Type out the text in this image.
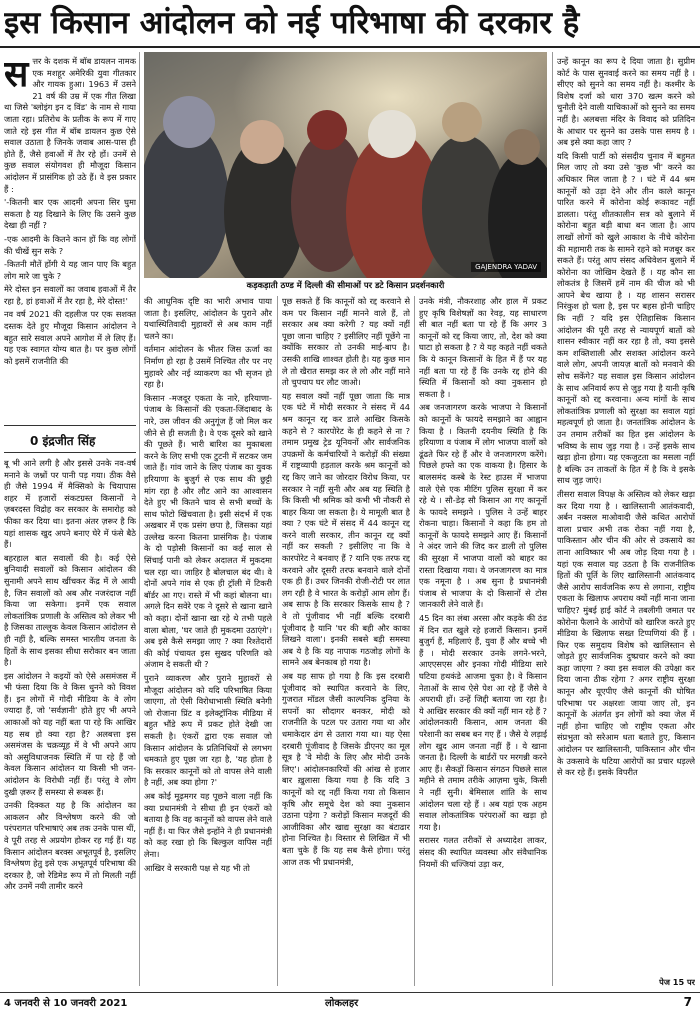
इस किसान आंदोलन को नई परिभाषा की दरकार है

सत्तर के दशक में बॉब डायलन नामक एक मशहूर अमेरिकी युवा गीतकार और गायक हुआ। 1963 में उसने 21 वर्ष की उम्र में एक गीत लिखा था जिसे 'ब्लोइंग इन द विंड' के नाम से गाया जाता रहा। प्रतिरोध के प्रतीक के रूप में गाए जाते रहे इस गीत में बॉब डायलन कुछ ऐसे सवाल उठाता है जिनके जवाब आस-पास ही होते हैं, जैसे हवाओं में तैर रहे हों। उनमें से कुछ सवाल संयोगवश ही मौजूदा किसान आंदोलन में प्रासंगिक हो उठे हैं। वे इस प्रकार हैं :

'-कितनी बार एक आदमी अपना सिर घुमा सकता है यह दिखाने के लिए कि उसने कुछ देखा ही नहीं ?

-एक आदमी के कितने कान हों कि वह लोगों की चीखें सुन सके ?

-कितनी मौतें होंगी ये यह जान पाए कि बहुत लोग मारे जा चुके ?

मेरे दोस्त इन सवालों का जवाब हवाओं में तैर रहा है, हां हवाओं में तैर रहा है, मेरे दोस्त!'

नव वर्ष 2021 की दहलीज पर एक सशक्त दस्तक देते हुए मौजूदा किसान आंदोलन ने बहुत सारे सवाल अपने आगोश में ले लिए हैं। यह एक स्वागत योग्य बात है। पर कुछ लोगों को इसमें राजनीति की

0 इंद्रजीत सिंह

बू भी आने लगी है और इससे उनके नव-वर्ष मनाने के जश्नों पर पानी पड़ गया। ठीक वैसे ही जैसे 1994 में मैक्सिको के चियापास शहर में हजारों संकटग्रस्त किसानों ने ज़बरदस्त विद्रोह कर सरकार के समारोह को फीका कर दिया था। इतना अंतर ज़रूर है कि यहां शासक खुद अपने बनाए घेरे में फंसे बैठे हैं।

बहरहाल बात सवालों की है। कई ऐसे बुनियादी सवालों को किसान आंदोलन की सुनामी अपने साथ खींचकर केंद्र में ले आयी है, जिन सवालों को अब और नजरंदाज नहीं किया जा सकेगा। इनमें एक सवाल लोकतांत्रिक प्रणाली के अस्तित्व को लेकर भी है जिसका ताल्लुक केवल किसान आंदोलन से ही नहीं है, बल्कि समस्त भारतीय जनता के हितों के साथ इसका सीधा सरोकार बन जाता है।

इस आंदोलन ने कइयों को ऐसे असमंजस में भी फंसा दिया कि वे किस धुनने को विवश हैं। इन लोगों में गोदी मीडिया के वे लोग ज्यादा हैं, जो 'सर्वज्ञानी' होते हुए भी अपने आकाओं को यह नहीं बता पा रहे कि आखिर यह सब हो क्या रहा है? अलबत्ता इस असमंजस के चक्रव्यूह में वे भी अपने आप को असुविधाजनक स्थिति में पा रहे हैं जो केवल किसान आंदोलन या किसी भी जन-आंदोलन के विरोधी नहीं हैं। परंतु वे लोग दुखी ज़रूर हैं समस्या से रूबरू हैं।

उनकी दिक्कत यह है कि आंदोलन का आकलन और विश्लेषण करने की जो परंपरागत परिभाषाएं अब तक उनके पास थीं, वे पूरी तरह से अप्रयोग होकर रह गई हैं। यह किसान आंदोलन बरक्स अभूतपूर्व है, इसलिए विश्लेषण हेतु इसे एक अभूतपूर्व परिभाषा की दरकार है, जो रेडिमेड रूप में तो मिलती नहीं और उनमें नयी तामीर करने

GAJENDRA YADAV
कड़कड़ाती ठण्ड में दिल्ली की सीमाओं पर डटे किसान प्रदर्शनकारी

की आधुनिक दृष्टि का भारी अभाव पाया जाता है। इसलिए, आंदोलन के पुराने और यथास्थितिवादी मुहावरों से अब काम नहीं चलने का।

वर्तमान आंदोलन के भीतर जिस ऊर्जा का निर्माण हो रहा है उसमें निश्चित तौर पर नए मुहावरे और नई व्याकरण का भी सृजन हो रहा है।

किसान -मजदूर एकता के नारे, हरियाणा-पंजाब के किसानों की एकता-जिंदाबाद के नारे, उस जीवन की अनुगूंज हैं जो मिल कर जीने से ही सजती है। वे एक दूसरे को खाने की पूछते हैं। भारी बारिश का मुकाबला करने के लिए सभी एक टुटनी में सटकर जम जाते हैं। गांव जाने के लिए पंजाब का युवक हरियाणा के बुजुर्ग से एक साथ की छुट्टी मांग रहा है और लौट आने का आश्वासन देते हुए भी कितने चाव से सभी बच्चों के साथ फोटो खिंचवाता है। इसी संदर्भ में एक अखबार में एक प्रसंग छपा है, जिसका यहां उल्लेख करना कितना प्रासंगिक है। पंजाब के दो पड़ोसी किसानों का कई साल से सिंचाई पानी को लेकर अदालत में मुकदमा चल रहा था। जाहिर है बोलचाल बंद थी। वे दोनों अपने गांव से एक ही ट्रॉली में टिकरी बॉर्डर आ गए। रास्ते में भी कहां बोलना था। अगले दिन सवेरे एक ने दूसरे से खाना खाने को कहा। दोनों खाना खा रहे थे तभी पहले वाला बोला, 'घर जाते ही मुकदमा उठाएंगे'। अब इसे कैसे समझा जाए ? क्या रिश्तेदारों की कोई पंचायत इस सुखद परिणति को अंजाम दे सकती थी ?

पुराने व्याकरण और पुराने मुहावरों से मौजूदा आंदोलन को यदि परिभाषित किया जाएगा, तो ऐसी विरोधाभासी स्थिति बनेगी जो रोजाना प्रिंट व इलेक्ट्रॉनिक मीडिया में बहुत भौंडे रूप में प्रकट होते देखी जा सकती है। एंकरों द्वारा एक सवाल जो किसान आंदोलन के प्रतिनिधियों से लगभग धमकाते हुए पूछा जा रहा है, 'यह होता है कि सरकार कानूनों को तो वापस लेने वाली है नहीं, अब क्या होगा ?'

अब कोई मूढ़मगर यह पूछने वाला नहीं कि क्या प्रधानमंत्री ने सीधा ही इन एंकरों को बताया है कि वह कानूनों को वापस लेने वाले नहीं हैं। या फिर जैसे इन्होंने ने ही प्रधानमंत्री को कह रखा हो कि बिल्कुल वापिस नहीं लेना।

आखिर वे सरकारी पक्ष से यह भी तो

पूछ सकते हैं कि कानूनों को रद्द करवाने से कम पर किसान नहीं मानने वाले हैं, तो सरकार अब क्या करेगी ? यह क्यों नहीं पूछा जाना चाहिए ? इसीलिए नहीं पूछेंगे ना क्योंकि सरकार तो उनकी माई-बाप है। उसकी शाखि शाश्वत होती है। यह कुछ मान ले तो खैरात समझ कर ले लो और नहीं माने तो चुपचाप घर लौट जाओ।

यह सवाल क्यों नहीं पूछा जाता कि मात्र एक घंटे में मोदी सरकार ने संसद में 44 श्रम कानून रद्द कर डाले आखिर किसके कहने से ? कारपोरेट के ही कहने से ना ? तमाम प्रमुख ट्रेड यूनियनों और सार्वजनिक उपक्रमों के कर्मचारियों ने करोड़ों की संख्या में राष्ट्रव्यापी हड़ताल करके श्रम कानूनों को रद्द किए जाने का जोरदार विरोध किया, पर सरकार ने नहीं सुनी और अब यह स्थिति है कि किसी भी श्रमिक को कभी भी नौकरी से बाहर किया जा सकता है। ये मामूली बात है क्या ? एक घंटे में संसद में 44 कानून रद्द करने वाली सरकार, तीन कानून रद्द क्यों नहीं कर सकती ? इसीलिए ना कि वे कारपोरेट ने बनवाए हैं ? यानि एक तरफ रद्द करवाने और दूसरी तरफ बनवाने वाले दोनों एक ही हैं। उधर जिनकी रोजी-रोटी पर लात लग रही है वे भारत के करोड़ों आम लोग हैं। अब साफ है कि सरकार किसके साथ है ? वे तो पूंजीवाद भी नहीं बल्कि दरबारी पूंजीवाद है यानि 'घर की बही और काका लिखने वाला'। इनकी सबसे बड़ी समस्या अब ये है कि यह नापाक गठजोड़ लोगों के सामने अब बेनकाब हो गया है।

अब यह साफ हो गया है कि इस दरबारी पूंजीवाद को स्थापित करवाने के लिए, गुजरात मॉडल जैसी काल्पनिक दुनिया के सपनों का सौदागर बनकर, मोदी को राजनीति के पटल पर उतारा गया था और धमाकेदार ढंग से उतारा गया था। यह ऐसा दरबारी पूंजीवाद है जिसके डीएनए का मूल सूत्र है 'वे मोदी के लिए और मोदी उनके लिए'। आंदोलनकारियों की आंख से हजार बार ख़ुलासा किया गया है कि यदि 3 कानूनों को रद्द नहीं किया गया तो किसान कृषि और समूचे देश को क्या नुकसान उठाना पड़ेगा ? करोड़ों किसान मजदूरों की आजीविका और खाद्य सुरक्षा का बंटाढार होना निश्चित है। विस्तार से लिखित में भी बता चुके हैं कि यह सब कैसे होगा। परंतु आज तक भी प्रधानमंत्री,

उनके मंत्री, नौकरशाह और हाल में प्रकट हुए कृषि विशेषज्ञों का रेवड़, यह साधारण सी बात नहीं बता पा रहे हैं कि अगर 3 कानूनों को रद्द किया जाए, तो, देश को क्या घाटा हो सकता है ? ये यह कहते नहीं थकते कि ये कानून किसानों के हित में हैं पर यह नहीं बता पा रहे हैं कि उनके रद्द होने की स्थिति में किसानों को क्या नुकसान हो सकता है ।

अब जनजागरण करके भाजपा ने किसानों को कानूनों के फायदे समझाने का आह्वान किया है । कितनी दयनीय स्थिति है कि हरियाणा व पंजाब में लोग भाजपा वालों को ढूंढते फिर रहे हैं और वे जनजागरण करेंगे। पिछले हफ्ते का एक वाकया है। हिसार के बालसमंद कस्बे के रेस्ट हाउस में भाजपा वाले ऐसे एक मीटिंग पुलिस सुरक्षा में कर रहे थे । सौ-डेढ़ सौ किसान आ गए कानूनों के फायदे समझने । पुलिस ने उन्हें बाहर रोकना चाहा। किसानों ने कहा कि हम तो कानूनों के फायदे समझने आए हैं। किसानों ने अंदर जाने की जिद कर डाली तो पुलिस की सुरक्षा में भाजपा वालों को बाहर का रास्ता दिखाया गया। ये जनजागरण का मात्र एक नमूना है । अब सुना है प्रधानमंत्री पंजाब से भाजपा के दो किसानों से टोस जानकारी लेने वाले हैं।

45 दिन का लंबा अरसा और कड़के की ठंड में दिन रात खुले रहे हजारों किसान। इनमें बुजुर्ग हैं, महिलाएं हैं, युवा हैं और बच्चे भी हैं । मोदी सरकार उनके लगने-भरने, आएएसएस और इनका गोदी मीडिया सारे घटिया हथकंडे आजमा चुका है। वे किसान नेताओं के साथ ऐसे पेश आ रहे हैं जैसे वे अपराधी हों। उन्हें जिद्दी बताया जा रहा है। ये आखिर सरकार की क्यों नहीं मान रहे हैं ? आंदोलनकारी किसान, आम जनता की परेशानी का सबब बन गए हैं । जैसे ये लड़ाई लोग खुद आम जनता नहीं हैं । ये खाना जनता है। दिल्ली के बार्डरों पर मरगन्नी करने आए हैं। सैकड़ों किसान संगठन पिछले साल महीने से तमाम तरीके आज़मा चुके, किसी ने नहीं सुनी। बेमिसाल शांति के साथ आंदोलन चला रहे हैं । अब यहां एक अहम सवाल लोकतांत्रिक परंपराओं का खड़ा हो गया है।

सरासर गलत तरीकों से अध्यादेश लाकर, संसद की स्थापित व्यवस्था और संवैधानिक नियमों की धज्जियां उड़ा कर,

उन्हें कानून का रूप दे दिया जाता है। सुप्रीम कोर्ट के पास सुनवाई करने का समय नहीं है । सीएए को सुनने का समय नहीं है। कश्मीर के विशेष दर्जा को धारा 370 खत्म करने को चुनौती देने वाली याचिकाओं को सुनने का समय नहीं है। अलबत्ता मंदिर के विवाद को प्रतिदिन के आधार पर सुनने का उसके पास समय है । अब इसे क्या कहा जाए ?

यदि किसी पार्टी को संसदीय चुनाव में बहुमत मिल जाए तो क्या उसे 'कुछ भी' करने का अधिकार मिल जाता है ? । घंटे में 44 श्रम कानूनों को उड़ा देने और तीन काले कानून पारित करने में कोरोना कोई रूकावट नहीं डालता। परंतु शीतकालीन सत्र को बुलाने में कोरोना बहुत बड़ी बाधा बन जाता है। आप लाखों लोगों को खुले आकाश के नीचे कोरोना की महामारी तक के सामने रहने को मजबूर कर सकते हैं। परंतु आप संसद अधिवेशन बुलाने में कोरोना का जोखिम देखते हैं । यह कौन सा लोकतंत्र है जिसमें हमें नाम की चीज को भी आपने बेच खाया है । यह शासन सरासर निरंकुश हो चला है, इस पर बहस होनी चाहिए कि नहीं ? यदि इस ऐतिहासिक किसान आंदोलन की पूरी तरह से न्यायपूर्ण बातों को शासन स्वीकार नहीं कर रहा है तो, क्या इससे कम शक्तिशाली और सशक्त आंदोलन करने वाले लोग, अपनी जायज़ बातों को मनवाने की सोच सकेंगे? यह सवाल इस किसान आंदोलन के साथ अनिवार्य रूप से जुड़ गया है यानी कृषि कानूनों को रद्द करवाना। अन्य मांगों के साथ लोकतांत्रिक प्रणाली को सुरक्षा का सवाल यहां महत्वपूर्ण हो जाता है। जनतांत्रिक आंदोलन के उन तमाम तरीकों का हित इस आंदोलन के भविष्य के साथ जुड़ गया है । उन्हें इसके साथ खड़ा होना होगा। यह एकजुटता का मसला नहीं है बल्कि उन ताकतों के हित में है कि वे इसके साथ जुड़ जाएं।

तीसरा सवाल विपक्ष के अस्तित्व को लेकर खड़ा कर दिया गया है । खालिस्तानी आतंकवादी, अर्बन नक्सल माओवादी जैसे कथित आरोपों वाला प्रचार अभी तक रोका नहीं गया है, पाकिस्तान और चीन की ओर से उकसाये का ताना आविष्कार भी अब जोड़ दिया गया है । यहां एक सवाल यह उठता है कि राजनीतिक हितों की पूर्ति के लिए खालिस्तानी आतंकवाद जैसे आरोप सार्वजनिक रूप से लगाना, राष्ट्रीय एकता के खिलाफ अपराध क्यों नहीं माना जाना चाहिए? मुंबई हाई कोर्ट ने तबलीगी जमात पर कोरोना फैलाने के आरोपों को खारिज करते हुए मीडिया के खिलाफ सख्त टिप्पणियां की हैं । फिर एक समुदाय विशेष को खालिस्तान से जोड़ते हुए सार्वजनिक दुष्प्रचार करने को क्या कहा जाएगा ? क्या इस सवाल की उपेक्षा कर दिया जाना ठीक रहेगा ? अगर राष्ट्रीय सुरक्षा कानून और यूएपीए जैसे कानूनों की घोषित परिभाषा पर अक्षरशः जाया जाए तो, इन कानूनों के अंतर्गत इन लोगों को क्या जेल में नहीं होना चाहिए जो राष्ट्रीय एकता और संप्रभुता को सरेआम धता बताते हुए, किसान आंदोलन पर खालिस्तानी, पाकिस्तान और चीन के उकसावे के घटिया आरोपों का प्रचार धड़ल्ले से कर रहे हैं। इसके विपरीत

पेज 15 पर
4 जनवरी से 10 जनवरी 2021	लोकलहर	7
